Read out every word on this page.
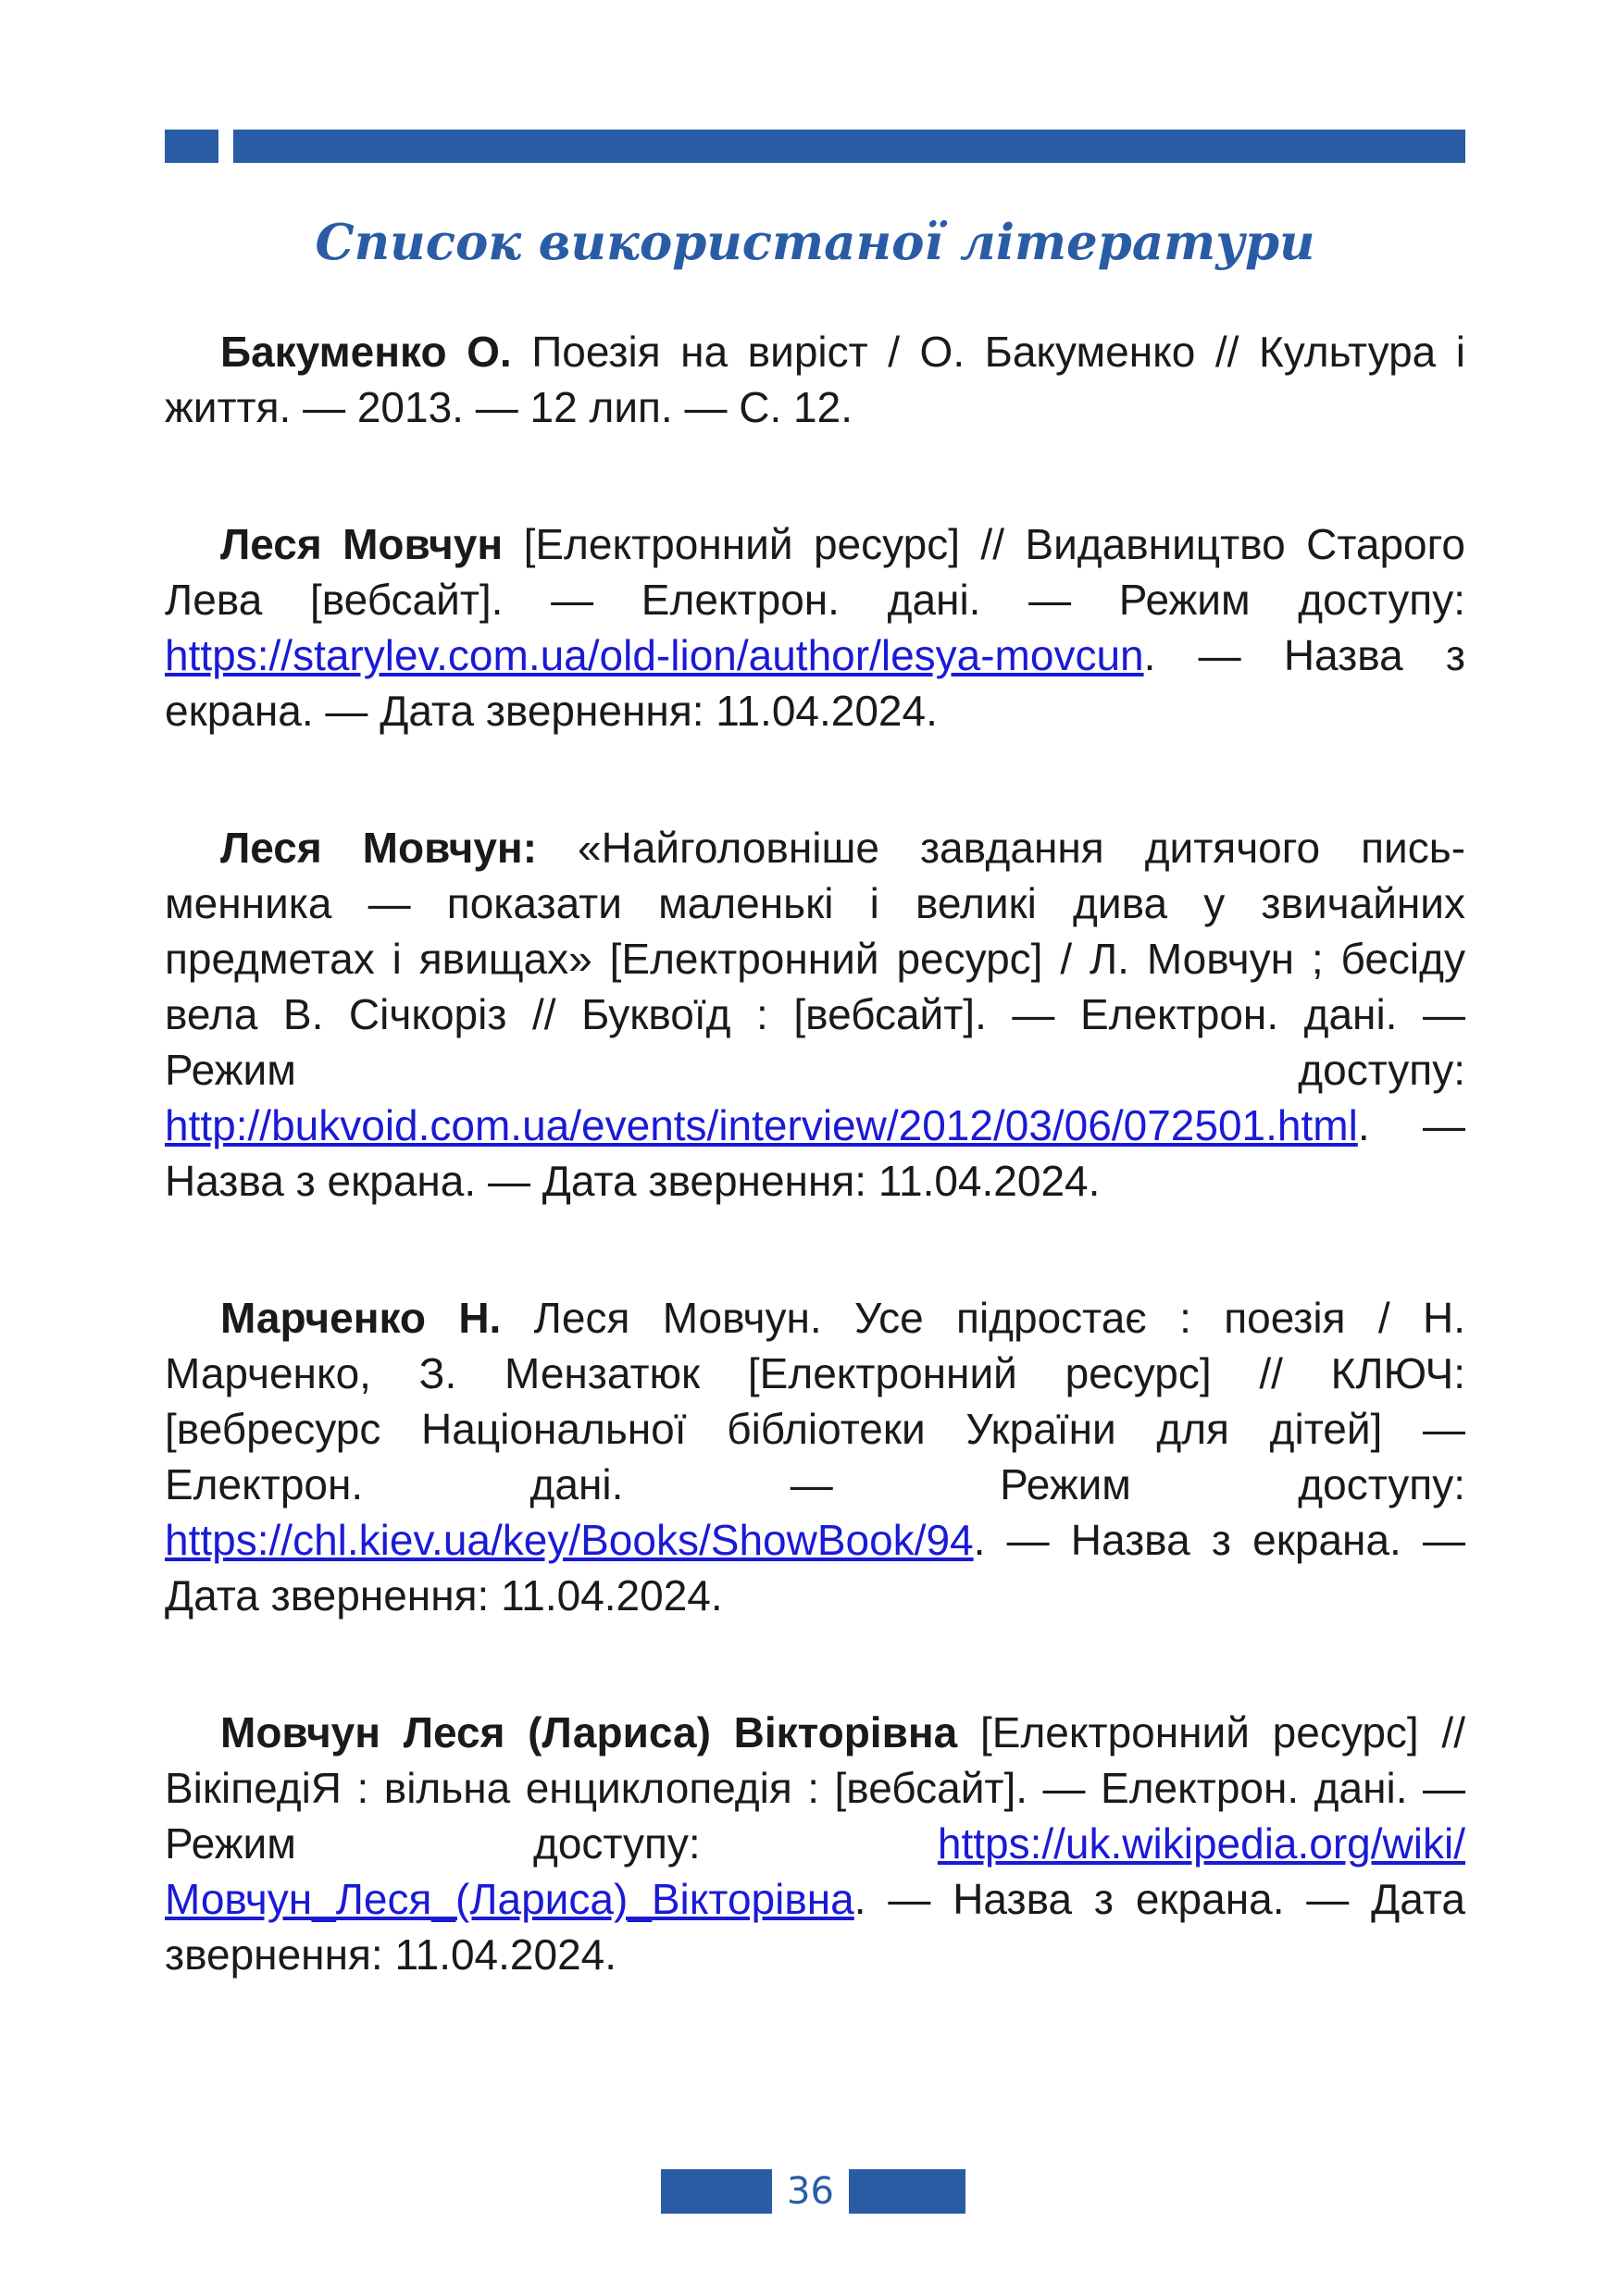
Список використаної літератури

Бакуменко О. Поезія на виріст / О. Бакуменко // Культура і життя. — 2013. — 12 лип. — С. 12.

Леся Мовчун [Електронний ресурс] // Видавництво Старого Лева [вебсайт]. — Електрон. дані. — Режим доступу: https://starylev.com.ua/old-lion/author/lesya-movcun. — Назва з екрана. — Дата звернення: 11.04.2024.

Леся Мовчун: «Найголовніше завдання дитячого письменника — показати маленькі і великі дива у звичайних предметах і явищах» [Електронний ресурс] / Л. Мовчун ; бесіду вела В. Січкоріз // Буквоїд : [вебсайт]. — Електрон. дані. — Режим доступу: http://bukvoid.com.ua/events/interview/2012/03/06/072501.html. — Назва з екрана. — Дата звернення: 11.04.2024.

Марченко Н. Леся Мовчун. Усе підростає : поезія / Н. Марченко, З. Мензатюк [Електронний ресурс] // КЛЮЧ: [вебресурс Національної бібліотеки України для дітей] — Електрон. дані. — Режим доступу: https://chl.kiev.ua/key/Books/ShowBook/94. — Назва з екрана. — Дата звернення: 11.04.2024.

Мовчун Леся (Лариса) Вікторівна [Електронний ресурс] // ВікіпедіЯ : вільна енциклопедія : [вебсайт]. — Електрон. дані. — Режим доступу: https://uk.wikipedia.org/wiki/Мовчун_Леся_(Лариса)_Вікторівна. — Назва з екрана. — Дата звернення: 11.04.2024.

36
